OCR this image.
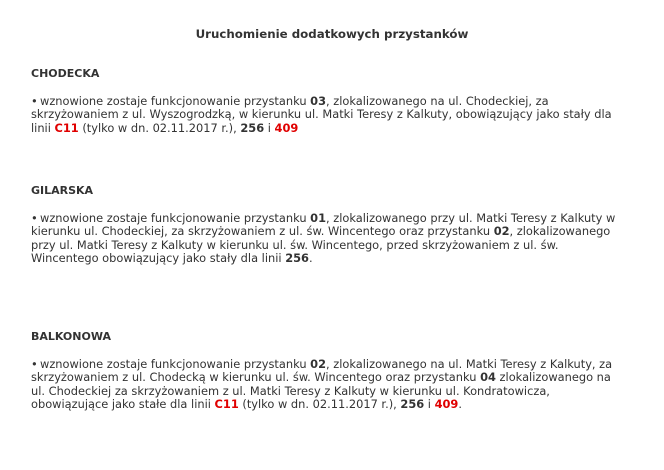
Uruchomienie dodatkowych przystanków

CHODECKA

• wznowione zostaje funkcjonowanie przystanku 03, zlokalizowanego na ul. Chodeckiej, za skrzyżowaniem z ul. Wyszogrodzką, w kierunku ul. Matki Teresy z Kalkuty, obowiązujący jako stały dla linii C11 (tylko w dn. 02.11.2017 r.), 256 i 409

GILARSKA

• wznowione zostaje funkcjonowanie przystanku 01, zlokalizowanego przy ul. Matki Teresy z Kalkuty w kierunku ul. Chodeckiej, za skrzyżowaniem z ul. św. Wincentego oraz przystanku 02, zlokalizowanego przy ul. Matki Teresy z Kalkuty w kierunku ul. św. Wincentego, przed skrzyżowaniem z ul. św. Wincentego obowiązujący jako stały dla linii 256.

BALKONOWA

• wznowione zostaje funkcjonowanie przystanku 02, zlokalizowanego na ul. Matki Teresy z Kalkuty, za skrzyżowaniem z ul. Chodecką w kierunku ul. św. Wincentego oraz przystanku 04 zlokalizowanego na ul. Chodeckiej za skrzyżowaniem z ul. Matki Teresy z Kalkuty w kierunku ul. Kondratowicza, obowiązujące jako stałe dla linii C11 (tylko w dn. 02.11.2017 r.), 256 i 409.
